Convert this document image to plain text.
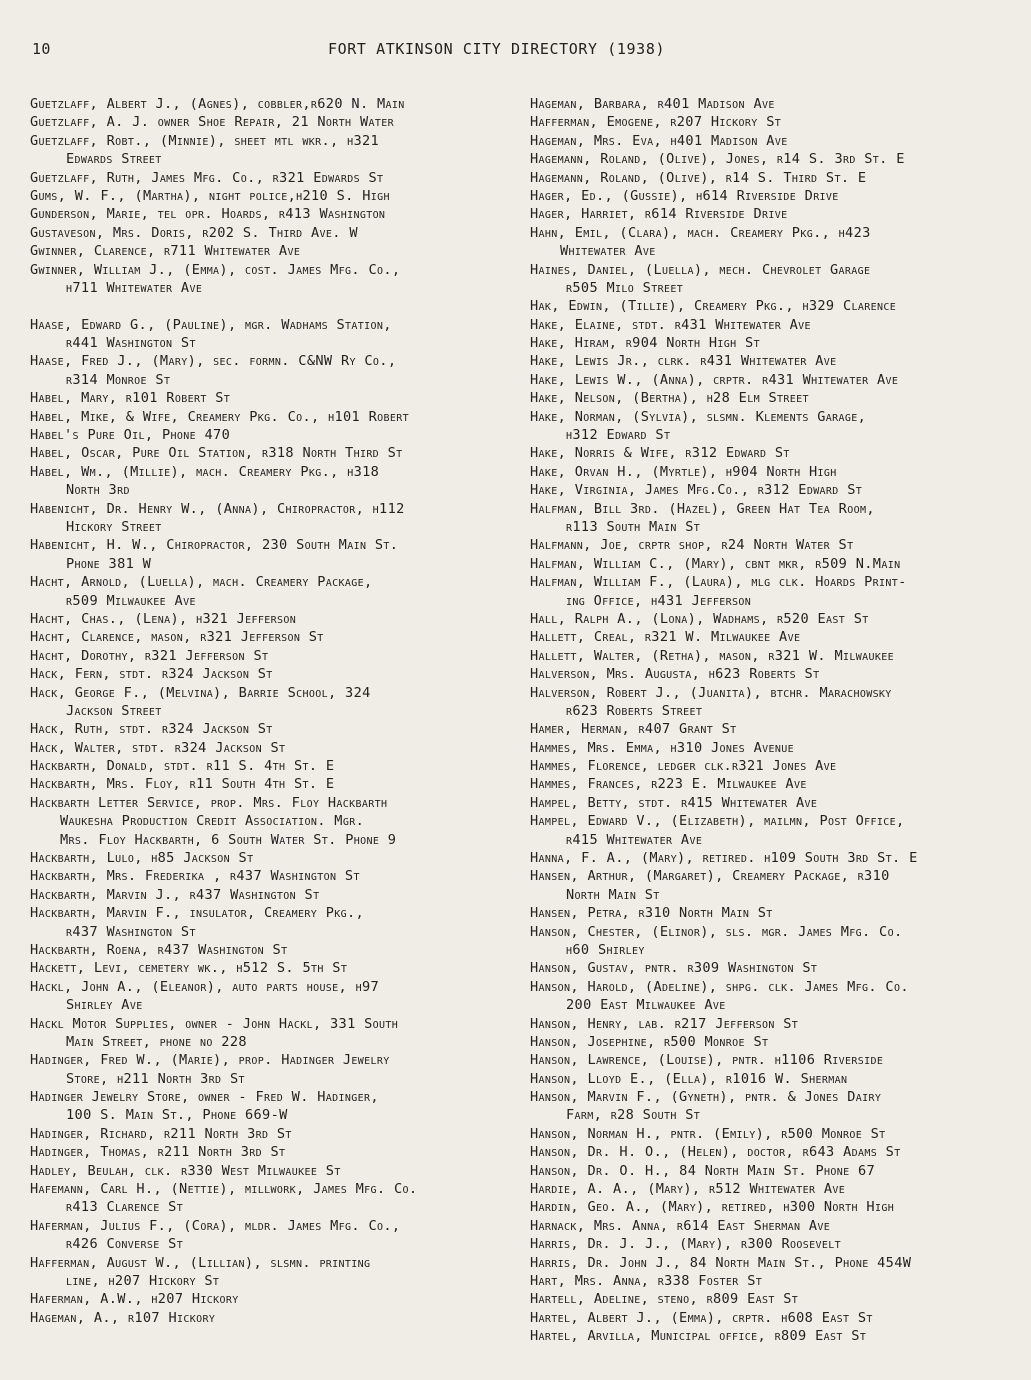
10	FORT ATKINSON CITY DIRECTORY (1938)
Guetzlaff, Albert J., (Agnes), cobbler,r620 N. Main
Guetzlaff, A. J. owner Shoe Repair, 21 North Water
Guetzlaff, Robt., (Minnie), sheet mtl wkr., h321
Edwards Street
Guetzlaff, Ruth, James Mfg. Co., r321 Edwards St
Gums, W. F., (Martha), night police,h210 S. High
Gunderson, Marie, tel opr. Hoards, r413 Washington
Gustaveson, Mrs. Doris, r202 S. Third Ave. W
Gwinner, Clarence, r711 Whitewater Ave
Gwinner, William J., (Emma), cost. James Mfg. Co.,
h711 Whitewater Ave
Haase, Edward G., (Pauline), mgr. Wadhams Station,
r441 Washington St
Haase, Fred J., (Mary), sec. formn. C&NW Ry Co.,
r314 Monroe St
Habel, Mary, r101 Robert St
Habel, Mike, & Wife, Creamery Pkg. Co., h101 Robert
Habel's Pure Oil, Phone 470
Habel, Oscar, Pure Oil Station, r318 North Third St
Habel, Wm., (Millie), mach. Creamery Pkg., h318
North 3rd
Habenicht, Dr. Henry W., (Anna), Chiropractor, h112
Hickory Street
Habenicht, H. W., Chiropractor, 230 South Main St.
Phone 381 W
Hacht, Arnold, (Luella), mach. Creamery Package,
r509 Milwaukee Ave
Hacht, Chas., (Lena), h321 Jefferson
Hacht, Clarence, mason, r321 Jefferson St
Hacht, Dorothy, r321 Jefferson St
Hack, Fern, stdt. r324 Jackson St
Hack, George F., (Melvina), Barrie School, 324
Jackson Street
Hack, Ruth, stdt. r324 Jackson St
Hack, Walter, stdt. r324 Jackson St
Hackbarth, Donald, stdt. r11 S. 4th St. E
Hackbarth, Mrs. Floy, r11 South 4th St. E
Hackbarth Letter Service, prop. Mrs. Floy Hackbarth
Waukesha Production Credit Association. Mgr.
Mrs. Floy Hackbarth, 6 South Water St. Phone 9
Hackbarth, Lulo, h85 Jackson St
Hackbarth, Mrs. Frederika , r437 Washington St
Hackbarth, Marvin J., r437 Washington St
Hackbarth, Marvin F., insulator, Creamery Pkg.,
r437 Washington St
Hackbarth, Roena, r437 Washington St
Hackett, Levi, cemetery wk., h512 S. 5th St
Hackl, John A., (Eleanor), auto parts house, h97
Shirley Ave
Hackl Motor Supplies, owner - John Hackl, 331 South
Main Street, phone no 228
Hadinger, Fred W., (Marie), prop. Hadinger Jewelry
Store, h211 North 3rd St
Hadinger Jewelry Store, owner - Fred W. Hadinger,
100 S. Main St., Phone 669-W
Hadinger, Richard, r211 North 3rd St
Hadinger, Thomas, r211 North 3rd St
Hadley, Beulah, clk. r330 West Milwaukee St
Hafemann, Carl H., (Nettie), millwork, James Mfg. Co.
r413 Clarence St
Haferman, Julius F., (Cora), mldr. James Mfg. Co.,
r426 Converse St
Hafferman, August W., (Lillian), slsmn. printing
line, h207 Hickory St
Haferman, A.W., h207 Hickory
Hageman, A., r107 Hickory
Hageman, Barbara, r401 Madison Ave
Hafferman, Emogene, r207 Hickory St
Hageman, Mrs. Eva, h401 Madison Ave
Hagemann, Roland, (Olive), Jones, r14 S. 3rd St. E
Hagemann, Roland, (Olive), r14 S. Third St. E
Hager, Ed., (Gussie), h614 Riverside Drive
Hager, Harriet, r614 Riverside Drive
Hahn, Emil, (Clara), mach. Creamery Pkg., h423
Whitewater Ave
Haines, Daniel, (Luella), mech. Chevrolet Garage
r505 Milo Street
Hak, Edwin, (Tillie), Creamery Pkg., h329 Clarence
Hake, Elaine, stdt. r431 Whitewater Ave
Hake, Hiram, r904 North High St
Hake, Lewis Jr., clrk. r431 Whitewater Ave
Hake, Lewis W., (Anna), crptr. r431 Whitewater Ave
Hake, Nelson, (Bertha), h28 Elm Street
Hake, Norman, (Sylvia), slsmn. Klements Garage,
h312 Edward St
Hake, Norris & Wife, r312 Edward St
Hake, Orvan H., (Myrtle), h904 North High
Hake, Virginia, James Mfg.Co., r312 Edward St
Halfman, Bill 3rd. (Hazel), Green Hat Tea Room,
r113 South Main St
Halfmann, Joe, crptr shop, r24 North Water St
Halfman, William C., (Mary), cbnt mkr, r509 N.Main
Halfman, William F., (Laura), mlg clk. Hoards Print-
ing Office, h431 Jefferson
Hall, Ralph A., (Lona), Wadhams, r520 East St
Hallett, Creal, r321 W. Milwaukee Ave
Hallett, Walter, (Retha), mason, r321 W. Milwaukee
Halverson, Mrs. Augusta, h623 Roberts St
Halverson, Robert J., (Juanita), btchr. Marachowsky
r623 Roberts Street
Hamer, Herman, r407 Grant St
Hammes, Mrs. Emma, h310 Jones Avenue
Hammes, Florence, ledger clk.r321 Jones Ave
Hammes, Frances, r223 E. Milwaukee Ave
Hampel, Betty, stdt. r415 Whitewater Ave
Hampel, Edward V., (Elizabeth), mailmn, Post Office,
r415 Whitewater Ave
Hanna, F. A., (Mary), retired. h109 South 3rd St. E
Hansen, Arthur, (Margaret), Creamery Package, r310
North Main St
Hansen, Petra, r310 North Main St
Hanson, Chester, (Elinor), sls. mgr. James Mfg. Co.
h60 Shirley
Hanson, Gustav, pntr. r309 Washington St
Hanson, Harold, (Adeline), shpg. clk. James Mfg. Co.
200 East Milwaukee Ave
Hanson, Henry, lab. r217 Jefferson St
Hanson, Josephine, r500 Monroe St
Hanson, Lawrence, (Louise), pntr. h1106 Riverside
Hanson, Lloyd E., (Ella), r1016 W. Sherman
Hanson, Marvin F., (Gyneth), pntr. & Jones Dairy
Farm, r28 South St
Hanson, Norman H., pntr. (Emily), r500 Monroe St
Hanson, Dr. H. O., (Helen), doctor, r643 Adams St
Hanson, Dr. O. H., 84 North Main St. Phone 67
Hardie, A. A., (Mary), r512 Whitewater Ave
Hardin, Geo. A., (Mary), retired, h300 North High
Harnack, Mrs. Anna, r614 East Sherman Ave
Harris, Dr. J. J., (Mary), r300 Roosevelt
Harris, Dr. John J., 84 North Main St., Phone 454W
Hart, Mrs. Anna, r338 Foster St
Hartell, Adeline, steno, r809 East St
Hartel, Albert J., (Emma), crptr. h608 East St
Hartel, Arvilla, Municipal office, r809 East St
